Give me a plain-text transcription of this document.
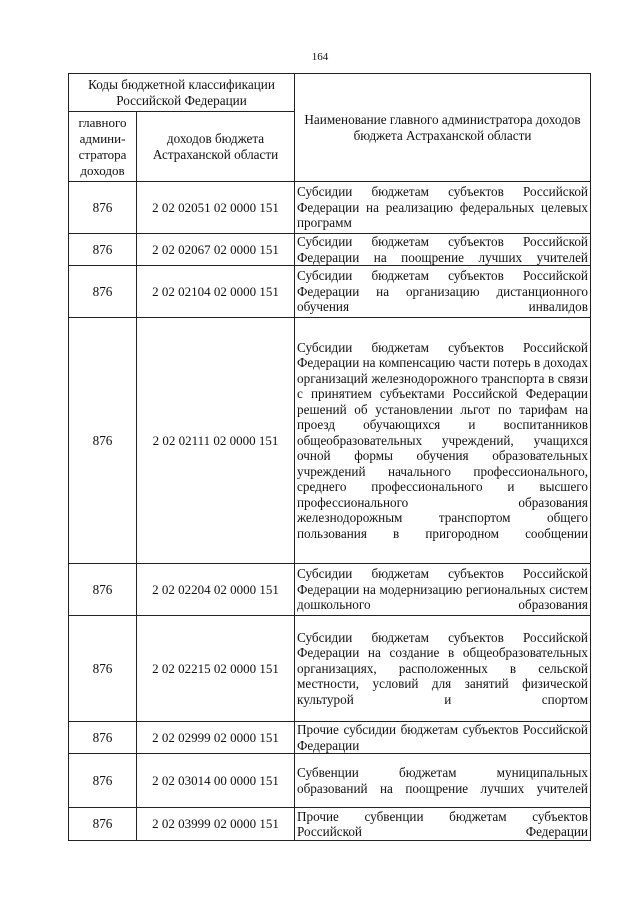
164
Коды бюджетной классификации Российской Федерации		Наименование главного администратора доходов бюджета Астраханской области
главного админи-стратора доходов	доходов бюджета Астраханской области	
876	2 02 02051 02 0000 151	Субсидии бюджетам субъектов Российской Федерации на реализацию федеральных целевых программ
876	2 02 02067 02 0000 151	Субсидии бюджетам субъектов Российской Федерации на поощрение лучших учителей
876	2 02 02104 02 0000 151	Субсидии бюджетам субъектов Российской Федерации на организацию дистанционного обучения инвалидов
876	2 02 02111 02 0000 151	Субсидии бюджетам субъектов Российской Федерации на компенсацию части потерь в доходах организаций железнодорожного транспорта в связи с принятием субъектами Российской Федерации решений об установлении льгот по тарифам на проезд обучающихся и воспитанников общеобразовательных учреждений, учащихся очной формы обучения образовательных учреждений начального профессионального, среднего профессионального и высшего профессионального образования железнодорожным транспортом общего пользования в пригородном сообщении
876	2 02 02204 02 0000 151	Субсидии бюджетам субъектов Российской Федерации на модернизацию региональных систем дошкольного образования
876	2 02 02215 02 0000 151	Субсидии бюджетам субъектов Российской Федерации на создание в общеобразовательных организациях, расположенных в сельской местности, условий для занятий физической культурой и спортом
876	2 02 02999 02 0000 151	Прочие субсидии бюджетам субъектов Российской Федерации
876	2 02 03014 00 0000 151	Субвенции бюджетам муниципальных образований на поощрение лучших учителей
876	2 02 03999 02 0000 151	Прочие субвенции бюджетам субъектов Российской Федерации
